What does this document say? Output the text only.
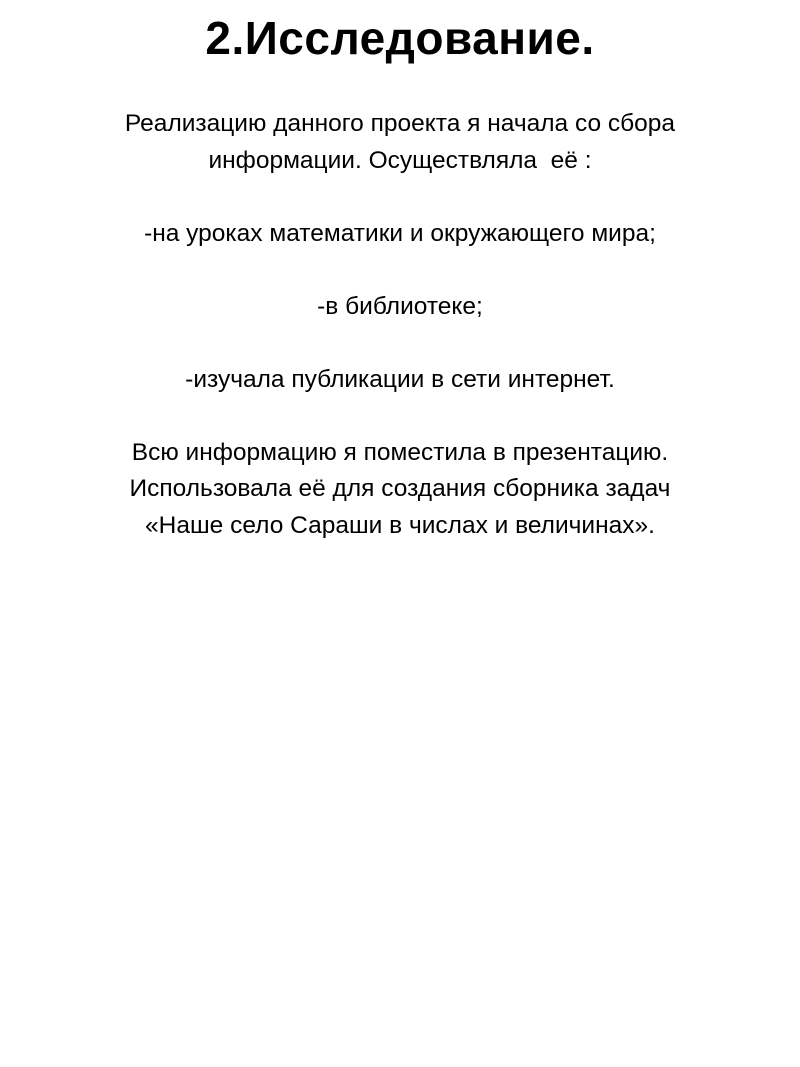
2.Исследование.
Реализацию данного проекта я начала со сбора
информации. Осуществляла  её :
-на уроках математики и окружающего мира;
-в библиотеке;
-изучала публикации в сети интернет.
Всю информацию я поместила в презентацию.
Использовала её для создания сборника задач
«Наше село Сараши в числах и величинах».
